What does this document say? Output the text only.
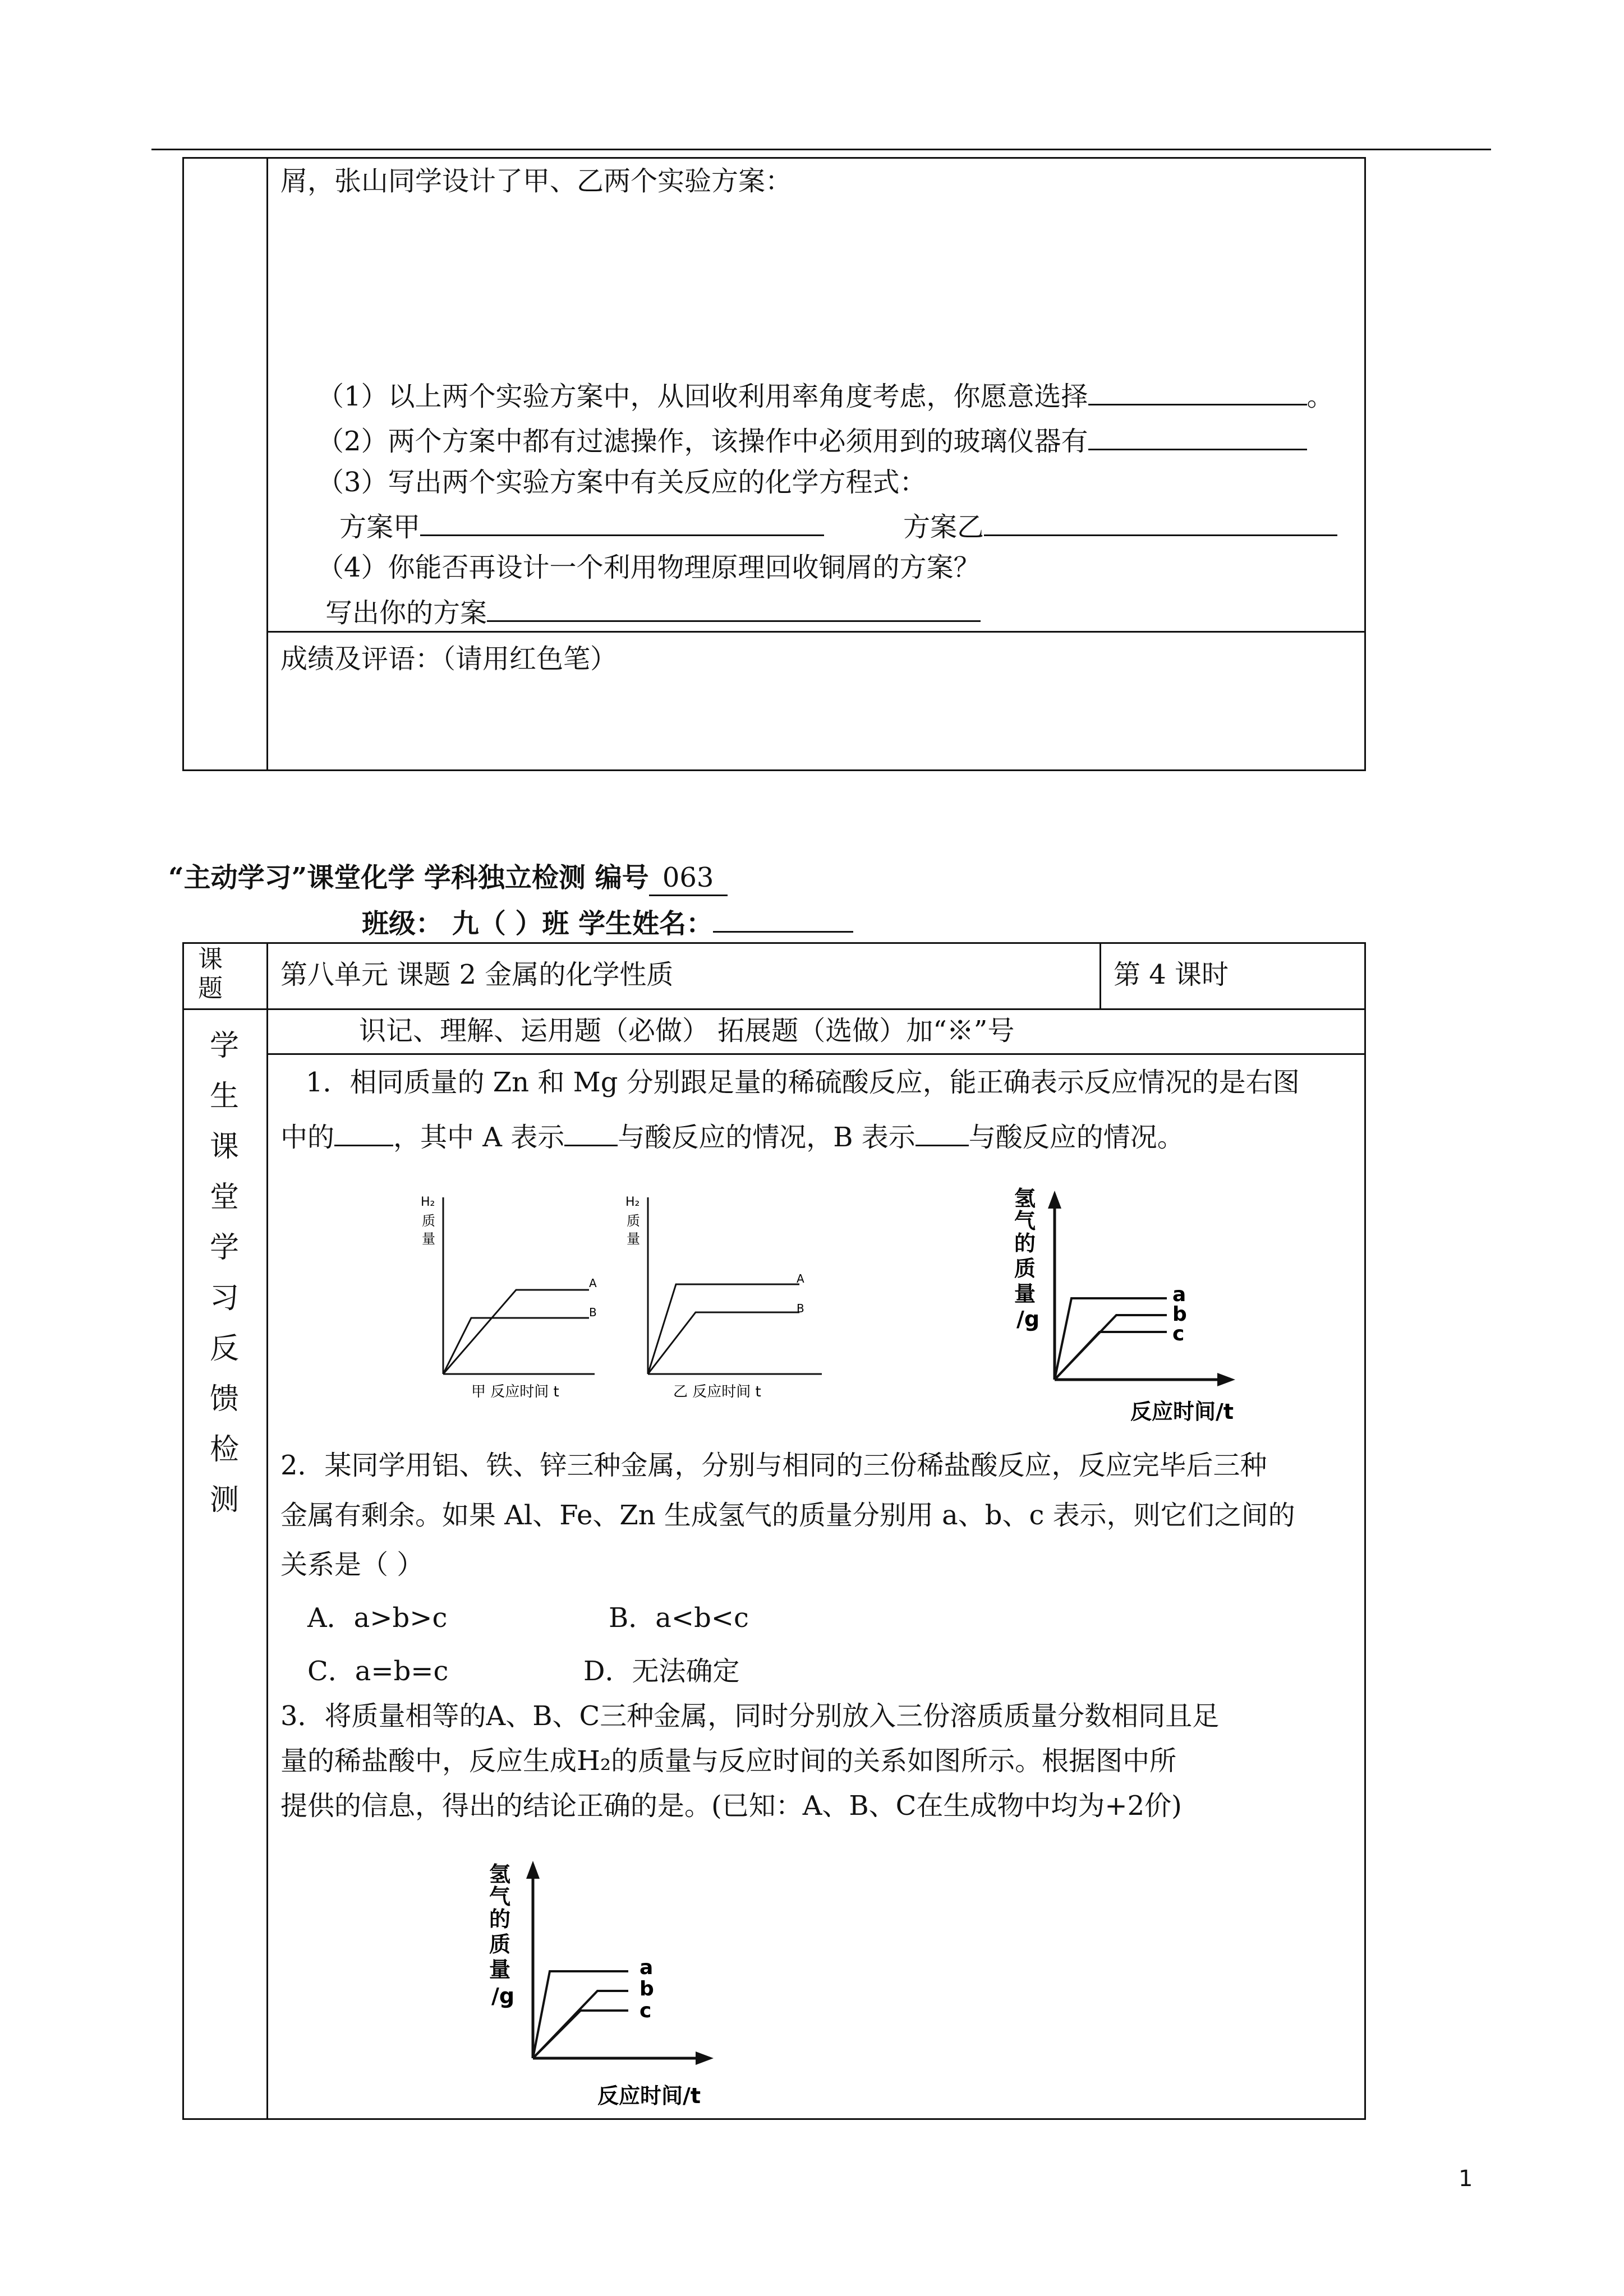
屑，张山同学设计了甲、乙两个实验方案：
（1）以上两个实验方案中，从回收利用率角度考虑，你愿意选择	。
（2）两个方案中都有过滤操作，该操作中必须用到的玻璃仪器有
（3）写出两个实验方案中有关反应的化学方程式：
方案甲	方案乙
（4）你能否再设计一个利用物理原理回收铜屑的方案？
写出你的方案
成绩及评语：（请用红色笔）
“主动学习”课堂化学 学科独立检测 编号 063
班级： 九（ ）班 学生姓名：
课题 第八单元 课题 2 金属的化学性质	第 4 课时
识记、理解、运用题（必做） 拓展题（选做）加“※”号
学
生
课
堂
学
习
反
馈
检
测
1．相同质量的 Zn 和 Mg 分别跟足量的稀硫酸反应，能正确表示反应情况的是右图
中的 ，其中 A 表示 与酸反应的情况，B 表示 与酸反应的情况。
H₂
质
量
A
B
甲 反应时间 t
H₂
质
量
A
B
乙 反应时间 t
氢
气
的
质
量
/g
a
b
c
反应时间/t
2．某同学用铝、铁、锌三种金属，分别与相同的三份稀盐酸反应，反应完毕后三种
金属有剩余。如果 Al、Fe、Zn 生成氢气的质量分别用 a、b、c 表示，则它们之间的
关系是（ ）
A．a>b>c	B．a<b<c
C．a=b=c	D．无法确定
3．将质量相等的A、B、C三种金属，同时分别放入三份溶质质量分数相同且足
量的稀盐酸中，反应生成H₂的质量与反应时间的关系如图所示。根据图中所
提供的信息，得出的结论正确的是。(已知：A、B、C在生成物中均为+2价)
氢
气
的
质
量
/g
a
b
c
反应时间/t
1
